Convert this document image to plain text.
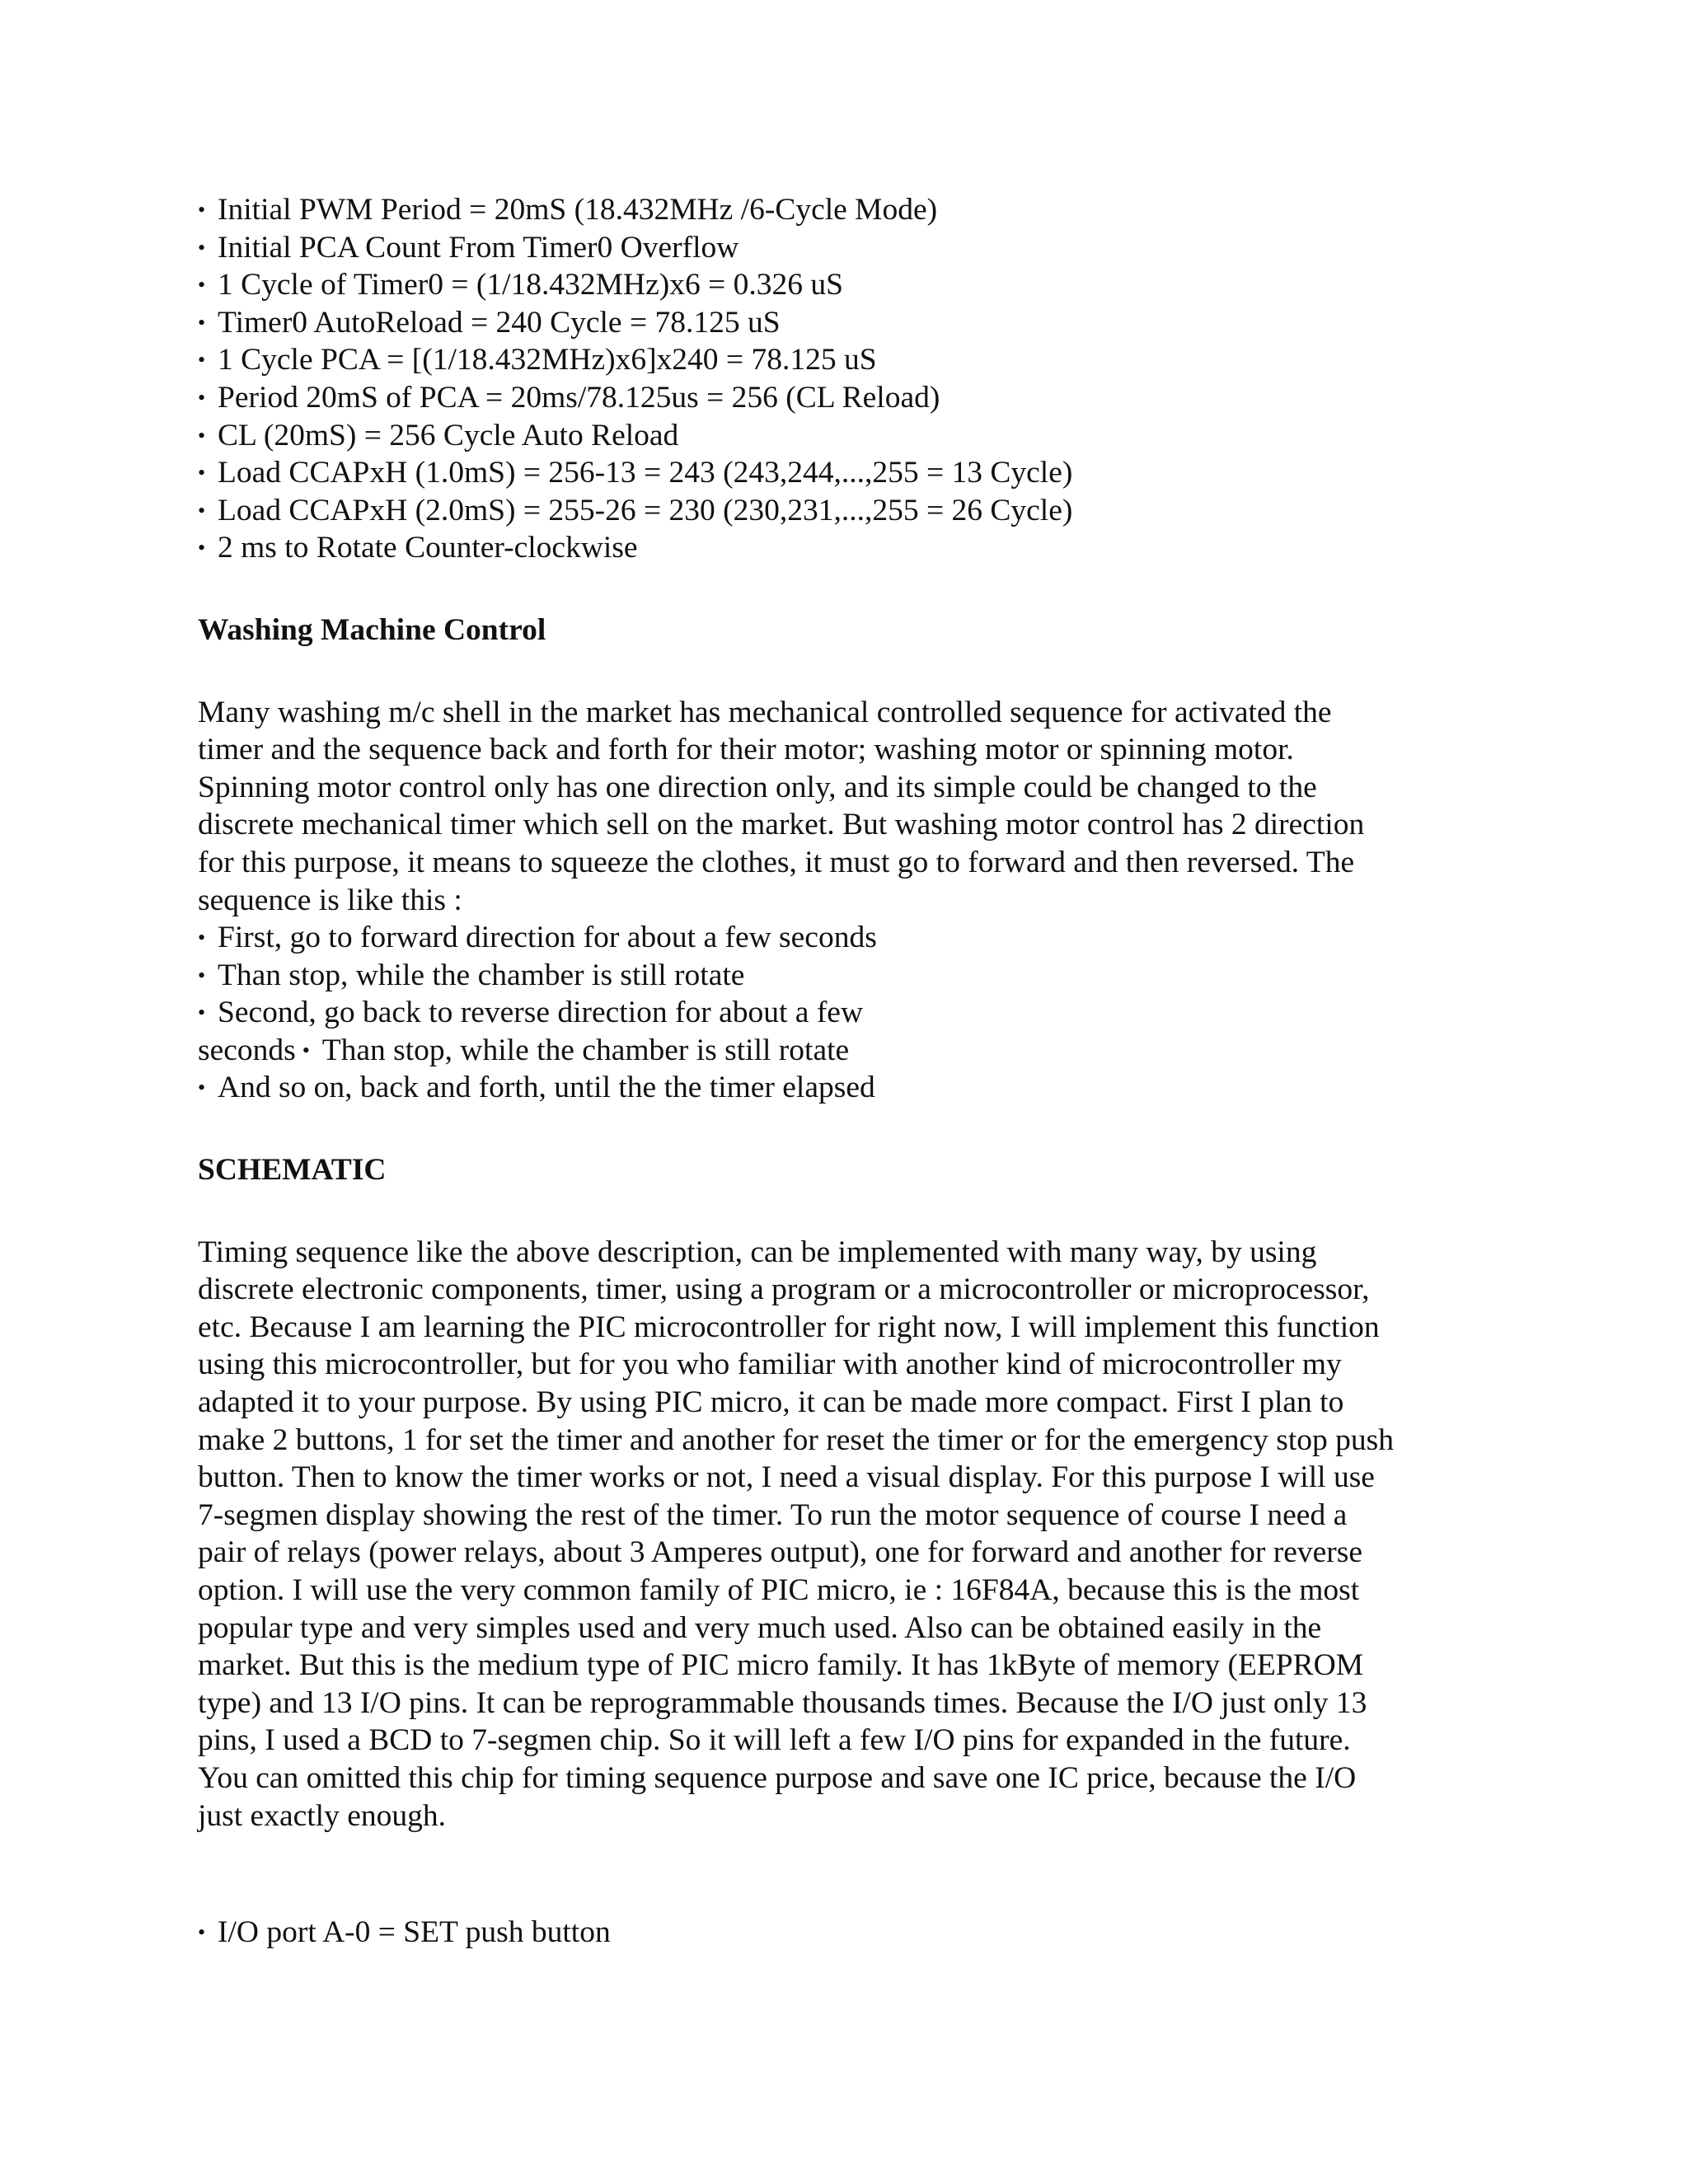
• Initial PWM Period = 20mS (18.432MHz /6-Cycle Mode)
• Initial PCA Count From Timer0 Overflow
• 1 Cycle of Timer0 = (1/18.432MHz)x6 = 0.326 uS
• Timer0 AutoReload = 240 Cycle = 78.125 uS
• 1 Cycle PCA = [(1/18.432MHz)x6]x240 = 78.125 uS
• Period 20mS of PCA = 20ms/78.125us = 256 (CL Reload)
• CL (20mS) = 256 Cycle Auto Reload
• Load CCAPxH (1.0mS) = 256-13 = 243 (243,244,...,255 = 13 Cycle)
• Load CCAPxH (2.0mS) = 255-26 = 230 (230,231,...,255 = 26 Cycle)
• 2 ms to Rotate Counter-clockwise
Washing Machine Control
Many washing m/c shell in the market has mechanical controlled sequence for activated the
timer and the sequence back and forth for their motor; washing motor or spinning motor.
Spinning motor control only has one direction only, and its simple could be changed to the
discrete mechanical timer which sell on the market. But washing motor control has 2 direction
for this purpose, it means to squeeze the clothes, it must go to forward and then reversed. The
sequence is like this :
• First, go to forward direction for about a few seconds
• Than stop, while the chamber is still rotate
• Second, go back to reverse direction for about a few
seconds • Than stop, while the chamber is still rotate
• And so on, back and forth, until the the timer elapsed
SCHEMATIC
Timing sequence like the above description, can be implemented with many way, by using
discrete electronic components, timer, using a program or a microcontroller or microprocessor,
etc. Because I am learning the PIC microcontroller for right now, I will implement this function
using this microcontroller, but for you who familiar with another kind of microcontroller my
adapted it to your purpose. By using PIC micro, it can be made more compact. First I plan to
make 2 buttons, 1 for set the timer and another for reset the timer or for the emergency stop push
button. Then to know the timer works or not, I need a visual display. For this purpose I will use
7-segmen display showing the rest of the timer. To run the motor sequence of course I need a
pair of relays (power relays, about 3 Amperes output), one for forward and another for reverse
option. I will use the very common family of PIC micro, ie : 16F84A, because this is the most
popular type and very simples used and very much used. Also can be obtained easily in the
market. But this is the medium type of PIC micro family. It has 1kByte of memory (EEPROM
type) and 13 I/O pins. It can be reprogrammable thousands times. Because the I/O just only 13
pins, I used a BCD to 7-segmen chip. So it will left a few I/O pins for expanded in the future.
You can omitted this chip for timing sequence purpose and save one IC price, because the I/O
just exactly enough.
• I/O port A-0 = SET push button
